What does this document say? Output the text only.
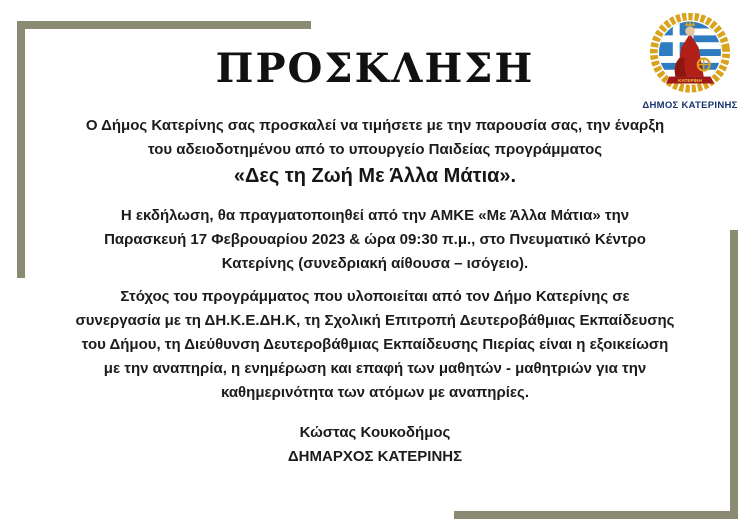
ΚΑΤΕΡΙΝΗ
ΔΗΜΟΣ ΚΑΤΕΡΙΝΗΣ
ΠΡΟΣΚΛΗΣΗ
Ο Δήμος Κατερίνης σας προσκαλεί να τιμήσετε με την παρουσία σας, την έναρξη
του αδειοδοτημένου από το υπουργείο Παιδείας προγράμματος
«Δες τη Ζωή Με Άλλα Μάτια».
Η εκδήλωση, θα πραγματοποιηθεί από την ΑΜΚΕ «Με Άλλα Μάτια» την
Παρασκευή 17 Φεβρουαρίου 2023 & ώρα 09:30 π.μ., στο Πνευματικό Κέντρο
Κατερίνης (συνεδριακή αίθουσα – ισόγειο).
Στόχος του προγράμματος που υλοποιείται από τον Δήμο Κατερίνης σε
συνεργασία με τη ΔΗ.Κ.Ε.ΔΗ.Κ, τη Σχολική Επιτροπή Δευτεροβάθμιας Εκπαίδευσης
του Δήμου, τη Διεύθυνση Δευτεροβάθμιας Εκπαίδευσης Πιερίας είναι η εξοικείωση
με την αναπηρία, η ενημέρωση και επαφή των μαθητών - μαθητριών για την
καθημερινότητα των ατόμων με αναπηρίες.
Κώστας Κουκοδήμος
ΔΗΜΑΡΧΟΣ ΚΑΤΕΡΙΝΗΣ
